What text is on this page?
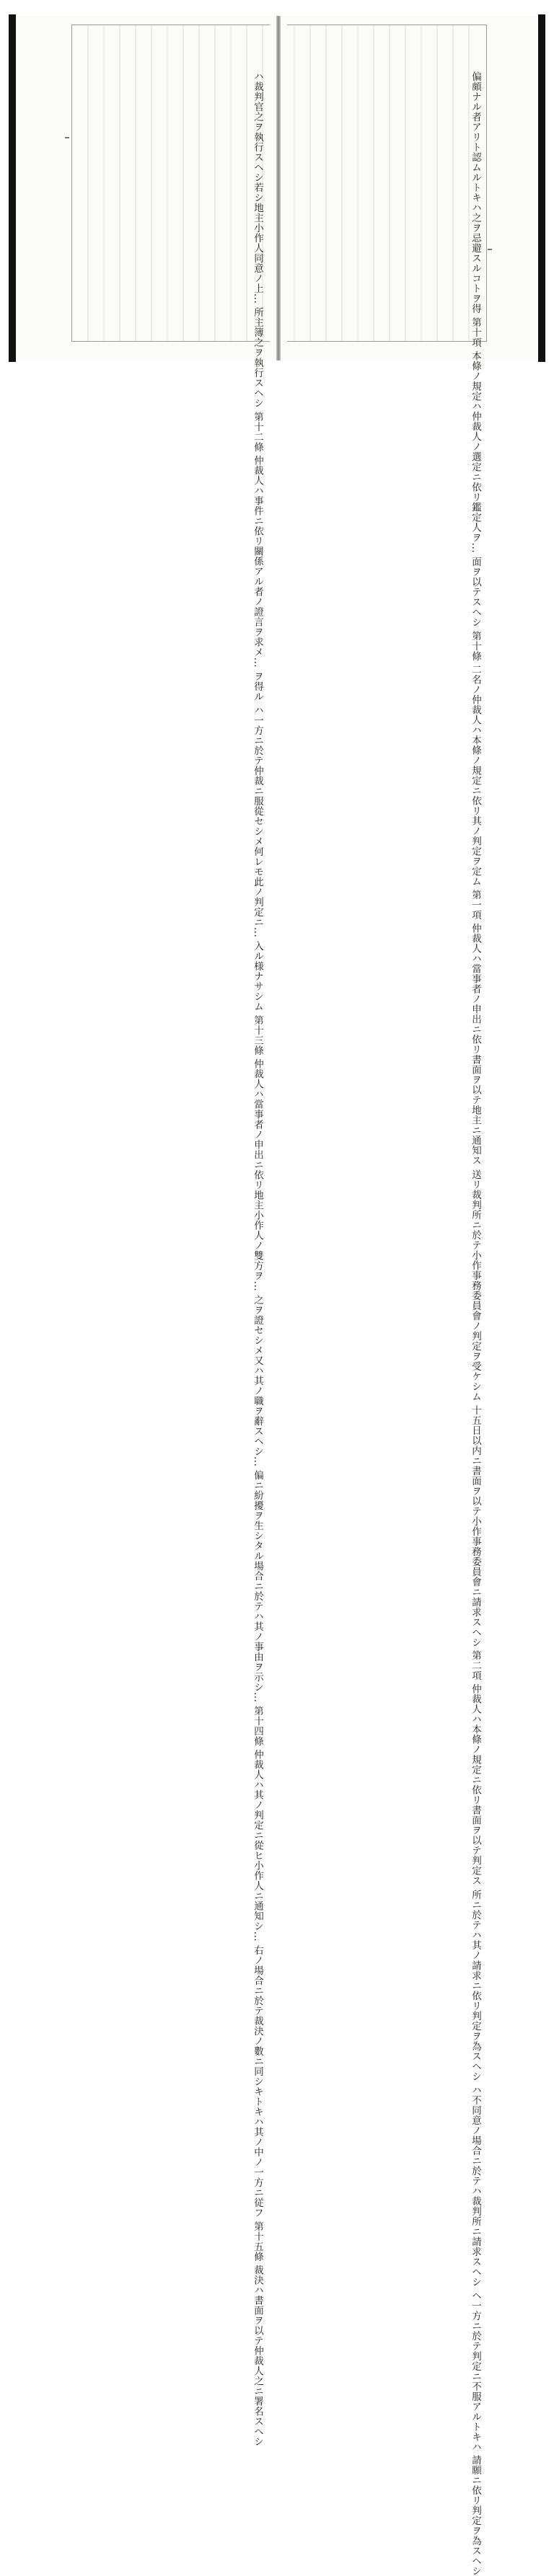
ハ裁判官之ヲ執行スヘシ若シ地主小作人同意ノ上... 所主簿之ヲ執行スヘシ 第十二條 仲裁人ハ事件ニ依リ關係アル者ノ證言ヲ求メ... ヲ得ル ハ一方ニ於テ仲裁ニ服從セシメ何レモ此ノ判定ニ... 入ル様ナサシム 第十三條 仲裁人ハ當事者ノ申出ニ依リ地主小作人ノ雙方ヲ... 之ヲ證セシメ又ハ其ノ職ヲ辭スヘシ... 偏ニ紛擾ヲ生シタル場合ニ於テハ其ノ事由ヲ示シ... 第十四條 仲裁人ハ其ノ判定ニ從ヒ小作人ニ通知シ... 右ノ場合ニ於テ裁決ノ數ニ同シキトキハ其ノ中ノ一方ニ従フ 第十五條 裁決ハ書面ヲ以テ仲裁人之ニ署名スヘシ
偏頗ナル者アリト認ムルトキハ之ヲ忌避スルコトヲ得 第十項 本條ノ規定ハ仲裁人ノ選定ニ依リ鑑定人ヲ... 面ヲ以テスヘシ 第十條 二名ノ仲裁人ハ本條ノ規定ニ依リ其ノ判定ヲ定ム 第一項 仲裁人ハ當事者ノ申出ニ依リ書面ヲ以テ地主ニ通知ス 送リ裁判所ニ於テ小作事務委員會ノ判定ヲ受ケシム 十五日以内ニ書面ヲ以テ小作事務委員會ニ請求スヘシ 第二項 仲裁人ハ本條ノ規定ニ依リ書面ヲ以テ判定ス 所ニ於テハ其ノ請求ニ依リ判定ヲ為スヘシ ハ不同意ノ場合ニ於テハ裁判所ニ請求スヘシ ヘ一方ニ於テ判定ニ不服アルトキハ 請願ニ依リ判定ヲ為スヘシ
